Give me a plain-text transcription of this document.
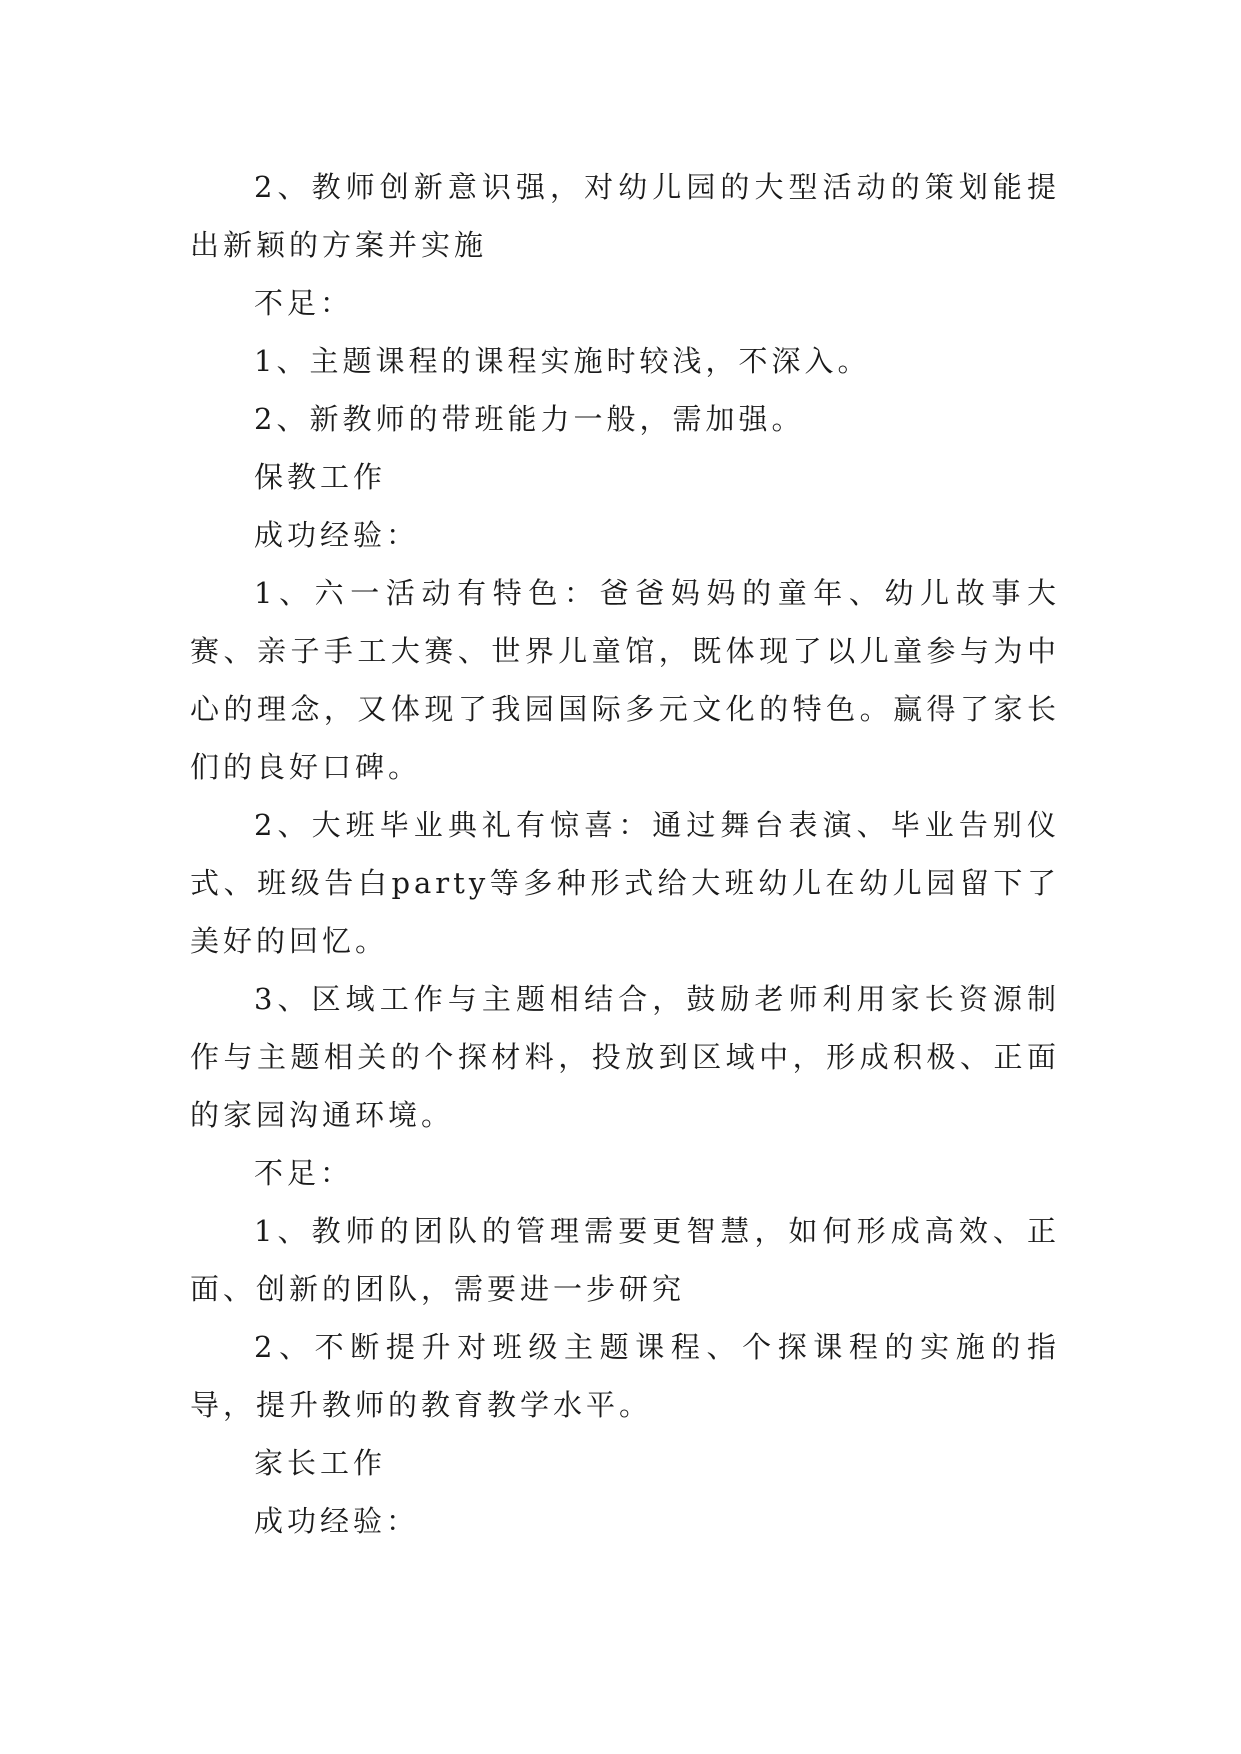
2、教师创新意识强，对幼儿园的大型活动的策划能提出新颖的方案并实施

不足：

1、主题课程的课程实施时较浅，不深入。

2、新教师的带班能力一般，需加强。

保教工作

成功经验：

1、六一活动有特色：爸爸妈妈的童年、幼儿故事大赛、亲子手工大赛、世界儿童馆，既体现了以儿童参与为中心的理念，又体现了我园国际多元文化的特色。赢得了家长们的良好口碑。

2、大班毕业典礼有惊喜：通过舞台表演、毕业告别仪式、班级告白party等多种形式给大班幼儿在幼儿园留下了美好的回忆。

3、区域工作与主题相结合，鼓励老师利用家长资源制作与主题相关的个探材料，投放到区域中，形成积极、正面的家园沟通环境。

不足：

1、教师的团队的管理需要更智慧，如何形成高效、正面、创新的团队，需要进一步研究

2、不断提升对班级主题课程、个探课程的实施的指导，提升教师的教育教学水平。

家长工作

成功经验：
